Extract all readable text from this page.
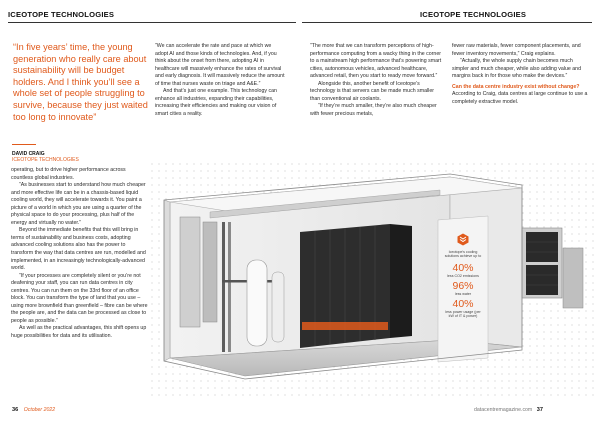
ICEOTOPE TECHNOLOGIES	ICEOTOPE TECHNOLOGIES
“In five years’ time, the young generation who really care about sustainability will be budget holders. And I think you’ll see a whole set of people struggling to survive, because they just waited too long to innovate”
DAVID CRAIG
ICEOTOPE TECHNOLOGIES

“We can accelerate the rate and pace at which we adopt AI and those kinds of technologies. And, if you think about the onset from there, adopting AI in healthcare will massively enhance the rates of survival and early diagnosis. It will massively reduce the amount of time that nurses waste on triage and A&E.”

And that’s just one example. This technology can enhance all industries, expanding their capabilities, increasing their efficiencies and making our vision of smart cities a reality.

“The more that we can transform perceptions of high-performance computing from a wacky thing in the corner to a mainstream high performance that’s powering smart cities, autonomous vehicles, advanced healthcare, advanced retail, then you start to ready move forward.”

Alongside this, another benefit of Iceotope’s technology is that servers can be made much smaller than conventional air coolants.

“If they’re much smaller, they’re also much cheaper with fewer precious metals,

fewer raw materials, fewer component placements, and fewer inventory movements,” Craig explains.

“Actually, the whole supply chain becomes much simpler and much cheaper, while also adding value and margins back in for those who make the devices.”

Can the data centre industry exist without change?

According to Craig, data centres at large continue to use a completely extractive model.

operating, but to drive higher performance across countless global industries.

“As businesses start to understand how much cheaper and more effective life can be in a chassis-based liquid cooling world, they will accelerate towards it. You paint a picture of a world in which you are using a quarter of the physical space to do your processing, plus half of the energy and virtually no water.”

Beyond the immediate benefits that this will bring in terms of sustainability and business costs, adopting advanced cooling solutions also has the power to transform the way that data centres are run, modelled and implemented, in an increasingly technologically-advanced world.

“If your processes are completely silent or you’re not deafening your staff, you can run data centres in city centres. You can run them on the 33rd floor of an office block. You can transform the type of land that you use – using more brownfield than greenfield – fibre can be where the people are, and the data can be processed as close to people as possible.”

As well as the practical advantages, this shift opens up huge possibilities for data and its utilisation.

Iceotope's cooling solutions achieve up to
40%
less CO2 emissions
96%
less water
40%
less power usage (per kW of IT & power)
36 October 2022	datacentremagazine.com 37
